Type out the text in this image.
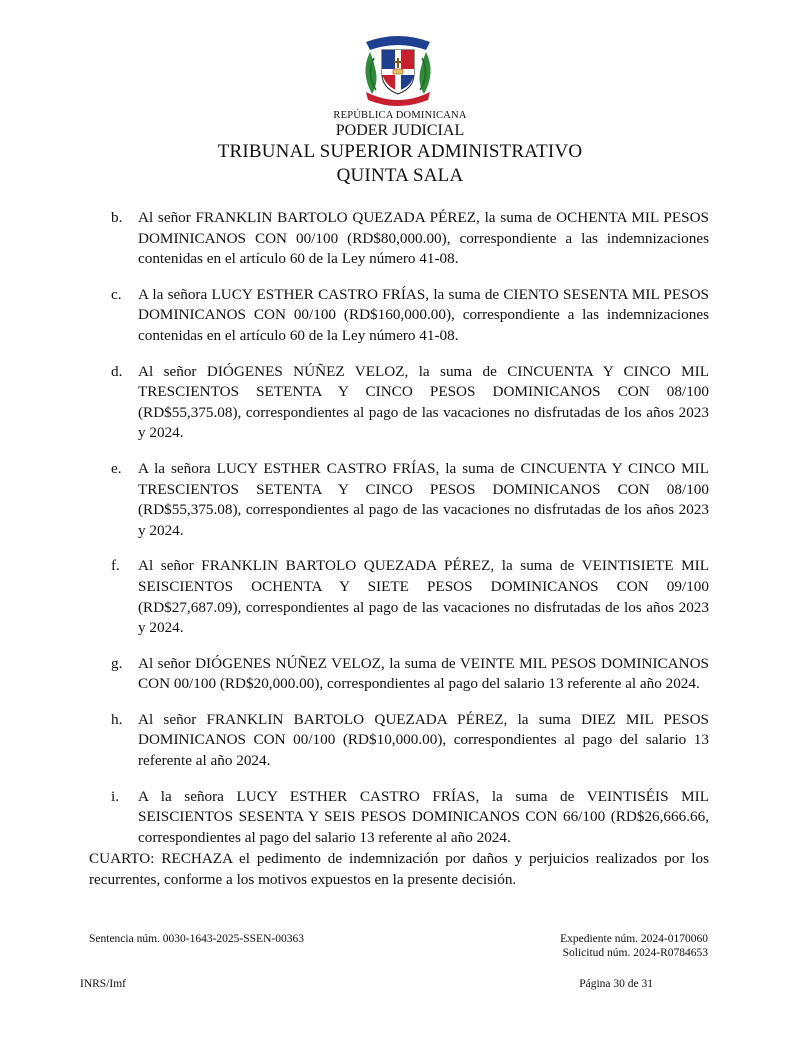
REPÚBLICA DOMINICANA
PODER JUDICIAL
TRIBUNAL SUPERIOR ADMINISTRATIVO
QUINTA SALA
b.	Al señor FRANKLIN BARTOLO QUEZADA PÉREZ, la suma de OCHENTA MIL PESOS DOMINICANOS CON 00/100 (RD$80,000.00), correspondiente a las indemnizaciones contenidas en el artículo 60 de la Ley número 41-08.
c.	A la señora LUCY ESTHER CASTRO FRÍAS, la suma de CIENTO SESENTA MIL PESOS DOMINICANOS CON 00/100 (RD$160,000.00), correspondiente a las indemnizaciones contenidas en el artículo 60 de la Ley número 41-08.
d.	Al señor DIÓGENES NÚÑEZ VELOZ, la suma de CINCUENTA Y CINCO MIL TRESCIENTOS SETENTA Y CINCO PESOS DOMINICANOS CON 08/100 (RD$55,375.08), correspondientes al pago de las vacaciones no disfrutadas de los años 2023 y 2024.
e.	A la señora LUCY ESTHER CASTRO FRÍAS, la suma de CINCUENTA Y CINCO MIL TRESCIENTOS SETENTA Y CINCO PESOS DOMINICANOS CON 08/100 (RD$55,375.08), correspondientes al pago de las vacaciones no disfrutadas de los años 2023 y 2024.
f.	Al señor FRANKLIN BARTOLO QUEZADA PÉREZ, la suma de VEINTISIETE MIL SEISCIENTOS OCHENTA Y SIETE PESOS DOMINICANOS CON 09/100 (RD$27,687.09), correspondientes al pago de las vacaciones no disfrutadas de los años 2023 y 2024.
g.	Al señor DIÓGENES NÚÑEZ VELOZ, la suma de VEINTE MIL PESOS DOMINICANOS CON 00/100 (RD$20,000.00), correspondientes al pago del salario 13 referente al año 2024.
h.	Al señor FRANKLIN BARTOLO QUEZADA PÉREZ, la suma DIEZ MIL PESOS DOMINICANOS CON 00/100 (RD$10,000.00), correspondientes al pago del salario 13 referente al año 2024.
i.	A la señora LUCY ESTHER CASTRO FRÍAS, la suma de VEINTISÉIS MIL SEISCIENTOS SESENTA Y SEIS PESOS DOMINICANOS CON 66/100 (RD$26,666.66, correspondientes al pago del salario 13 referente al año 2024.
CUARTO: RECHAZA el pedimento de indemnización por daños y perjuicios realizados por los recurrentes, conforme a los motivos expuestos en la presente decisión.
Sentencia núm. 0030-1643-2025-SSEN-00363	Expediente núm. 2024-0170060
Solicitud núm. 2024-R0784653
INRS/Imf	Página 30 de 31
